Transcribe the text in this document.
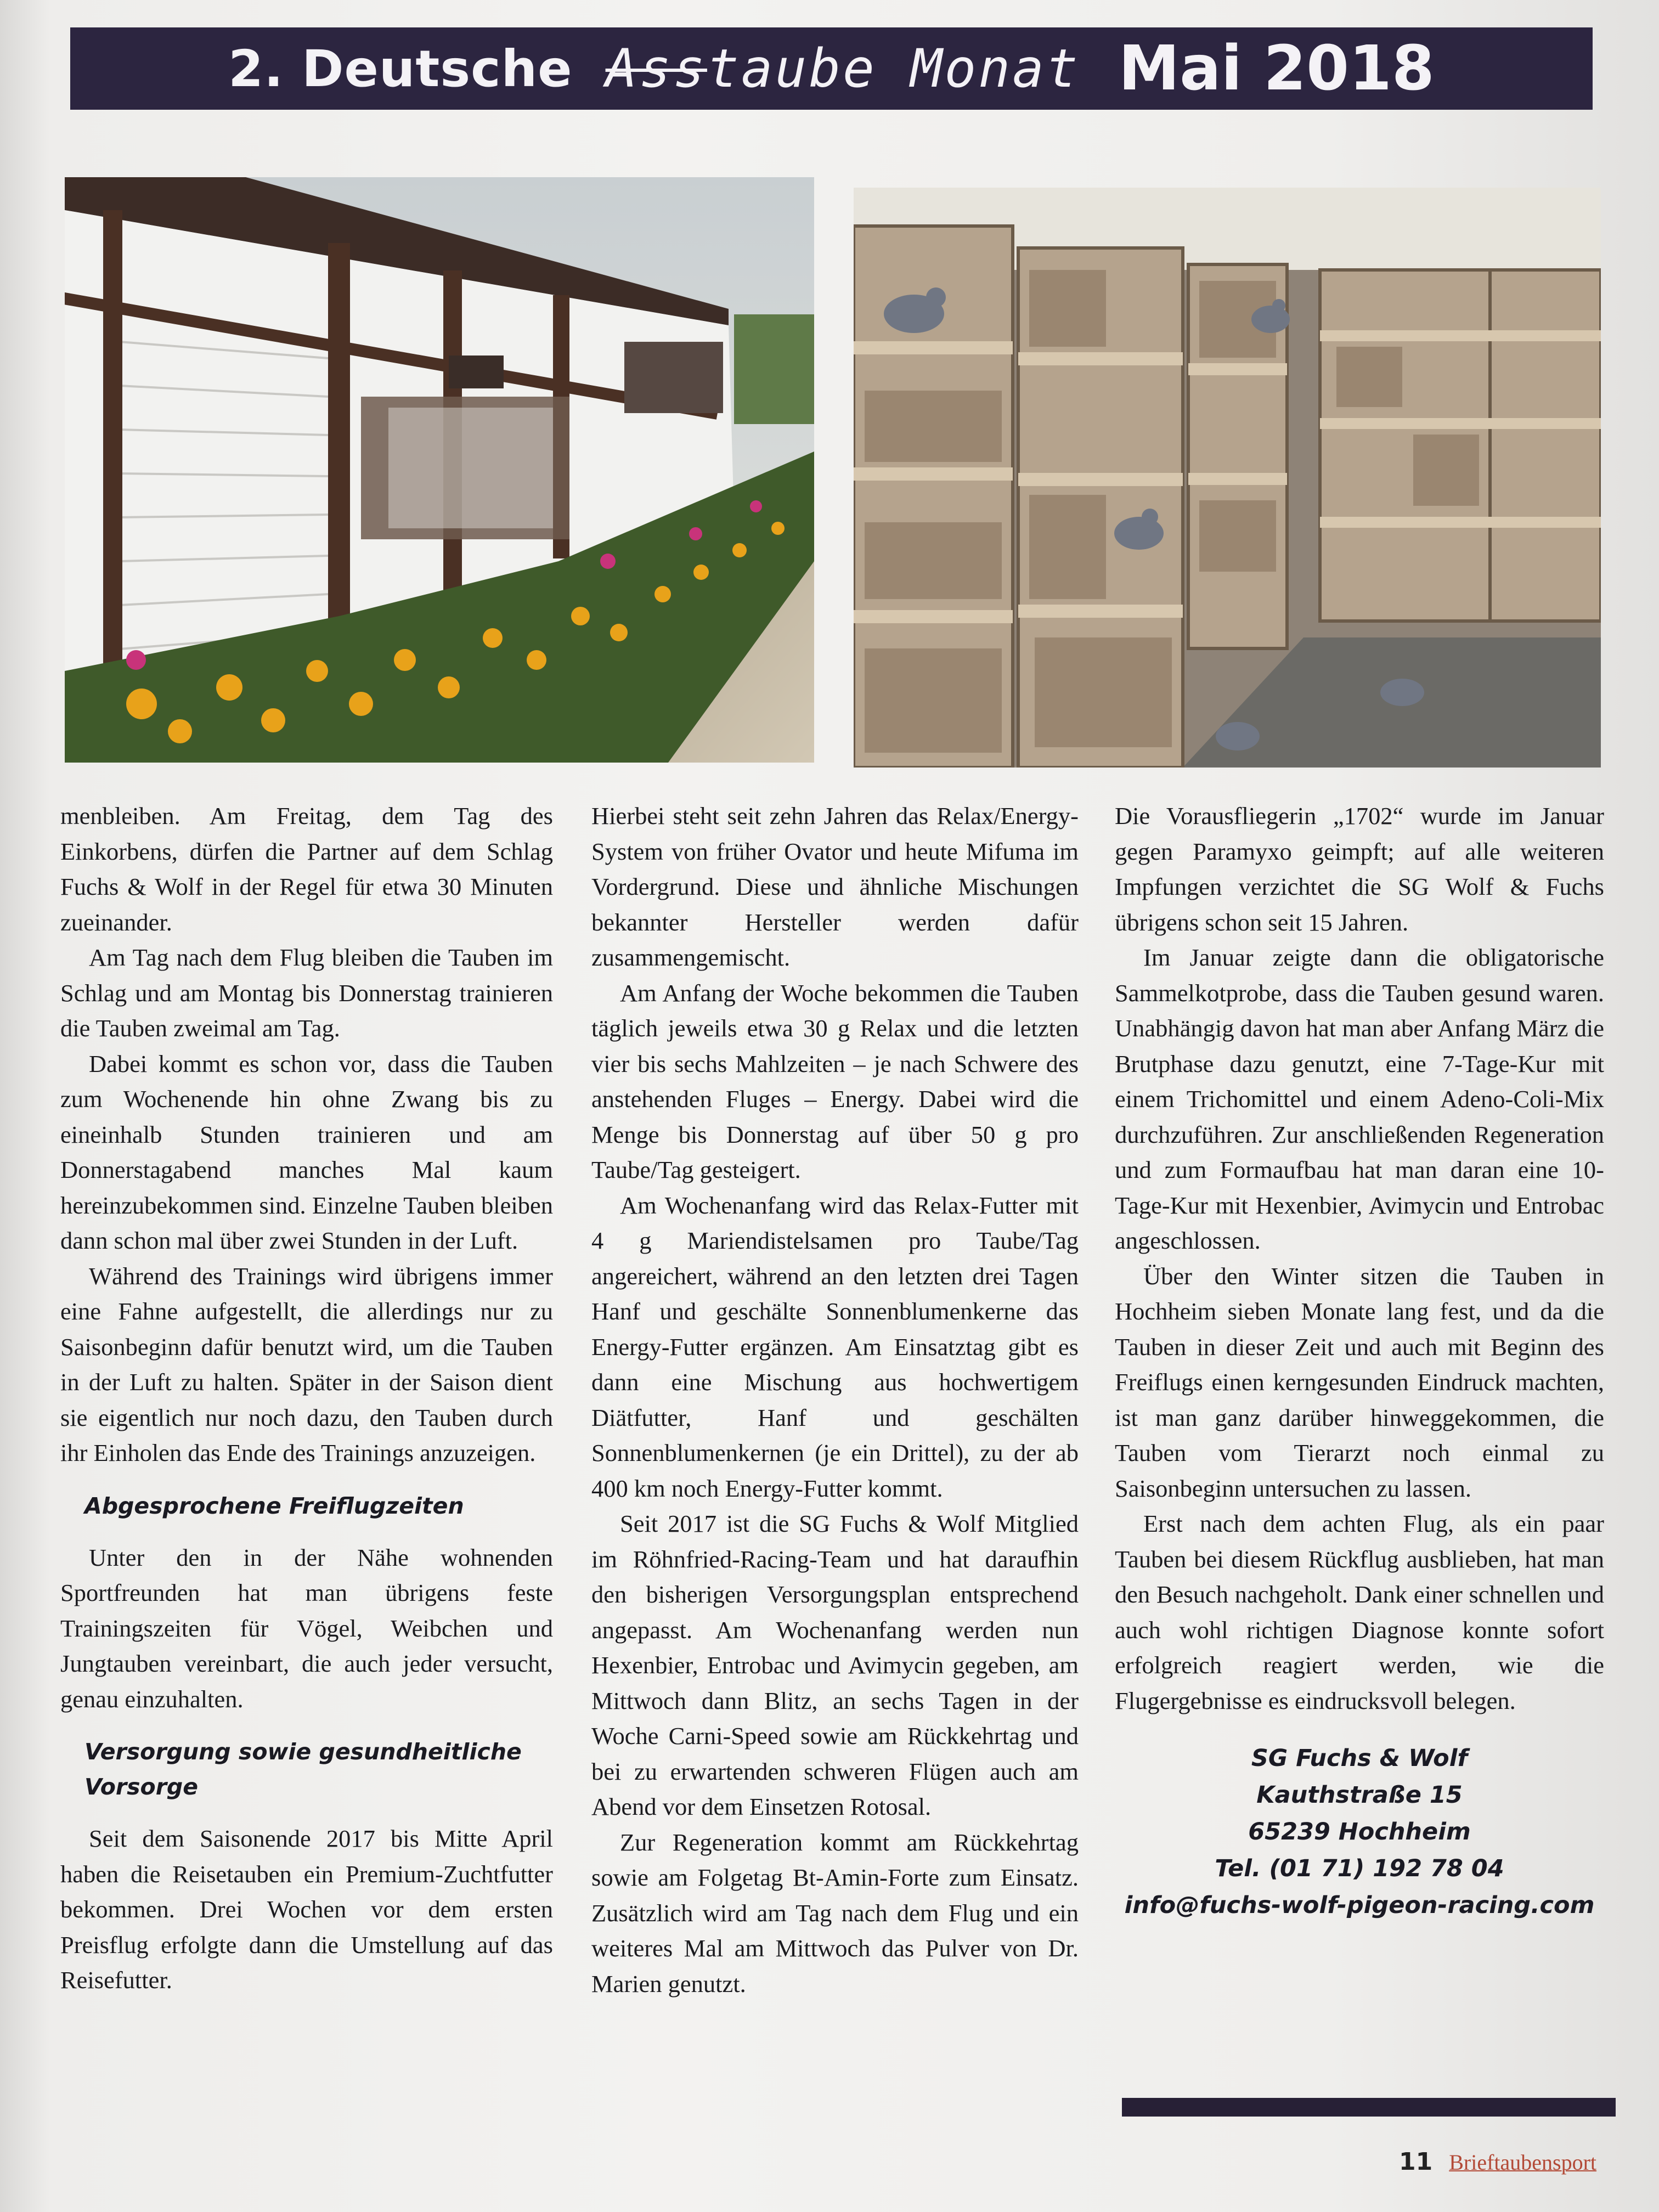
2. Deutsche Asstaube Monat Mai 2018

menbleiben. Am Freitag, dem Tag des Einkorbens, dürfen die Partner auf dem Schlag Fuchs & Wolf in der Regel für etwa 30 Minuten zueinander.

Am Tag nach dem Flug bleiben die Tauben im Schlag und am Montag bis Donnerstag trainieren die Tauben zweimal am Tag.

Dabei kommt es schon vor, dass die Tauben zum Wochenende hin ohne Zwang bis zu eineinhalb Stunden trainieren und am Donnerstagabend manches Mal kaum hereinzubekommen sind. Einzelne Tauben bleiben dann schon mal über zwei Stunden in der Luft.

Während des Trainings wird übrigens immer eine Fahne aufgestellt, die allerdings nur zu Saisonbeginn dafür benutzt wird, um die Tauben in der Luft zu halten. Später in der Saison dient sie eigentlich nur noch dazu, den Tauben durch ihr Einholen das Ende des Trainings anzuzeigen.

Abgesprochene Freiflugzeiten

Unter den in der Nähe wohnenden Sportfreunden hat man übrigens feste Trainingszeiten für Vögel, Weibchen und Jungtauben vereinbart, die auch jeder versucht, genau einzuhalten.

Versorgung sowie gesundheitliche Vorsorge

Seit dem Saisonende 2017 bis Mitte April haben die Reisetauben ein Premium-Zuchtfutter bekommen. Drei Wochen vor dem ersten Preisflug erfolgte dann die Umstellung auf das Reisefutter.

Hierbei steht seit zehn Jahren das Relax/Energy-System von früher Ovator und heute Mifuma im Vordergrund. Diese und ähnliche Mischungen bekannter Hersteller werden dafür zusammengemischt.

Am Anfang der Woche bekommen die Tauben täglich jeweils etwa 30 g Relax und die letzten vier bis sechs Mahlzeiten – je nach Schwere des anstehenden Fluges – Energy. Dabei wird die Menge bis Donnerstag auf über 50 g pro Taube/Tag gesteigert.

Am Wochenanfang wird das Relax-Futter mit 4 g Mariendistelsamen pro Taube/Tag angereichert, während an den letzten drei Tagen Hanf und geschälte Sonnenblumenkerne das Energy-Futter ergänzen. Am Einsatztag gibt es dann eine Mischung aus hochwertigem Diätfutter, Hanf und geschälten Sonnenblumenkernen (je ein Drittel), zu der ab 400 km noch Energy-Futter kommt.

Seit 2017 ist die SG Fuchs & Wolf Mitglied im Röhnfried-Racing-Team und hat daraufhin den bisherigen Versorgungsplan entsprechend angepasst. Am Wochenanfang werden nun Hexenbier, Entrobac und Avimycin gegeben, am Mittwoch dann Blitz, an sechs Tagen in der Woche Carni-Speed sowie am Rückkehrtag und bei zu erwartenden schweren Flügen auch am Abend vor dem Einsetzen Rotosal.

Zur Regeneration kommt am Rückkehrtag sowie am Folgetag Bt-Amin-Forte zum Einsatz. Zusätzlich wird am Tag nach dem Flug und ein weiteres Mal am Mittwoch das Pulver von Dr. Marien genutzt.

Die Vorausfliegerin „1702“ wurde im Januar gegen Paramyxo geimpft; auf alle weiteren Impfungen verzichtet die SG Wolf & Fuchs übrigens schon seit 15 Jahren.

Im Januar zeigte dann die obligatorische Sammelkotprobe, dass die Tauben gesund waren. Unabhängig davon hat man aber Anfang März die Brutphase dazu genutzt, eine 7-Tage-Kur mit einem Trichomittel und einem Adeno-Coli-Mix durchzuführen. Zur anschließenden Regeneration und zum Formaufbau hat man daran eine 10-Tage-Kur mit Hexenbier, Avimycin und Entrobac angeschlossen.

Über den Winter sitzen die Tauben in Hochheim sieben Monate lang fest, und da die Tauben in dieser Zeit und auch mit Beginn des Freiflugs einen kerngesunden Eindruck machten, ist man ganz darüber hinweggekommen, die Tauben vom Tierarzt noch einmal zu Saisonbeginn untersuchen zu lassen.

Erst nach dem achten Flug, als ein paar Tauben bei diesem Rückflug ausblieben, hat man den Besuch nachgeholt. Dank einer schnellen und auch wohl richtigen Diagnose konnte sofort erfolgreich reagiert werden, wie die Flugergebnisse es eindrucksvoll belegen.

SG Fuchs & Wolf
Kauthstraße 15
65239 Hochheim
Tel. (01 71) 192 78 04
info@fuchs-wolf-pigeon-racing.com
11 Brieftaubensport
